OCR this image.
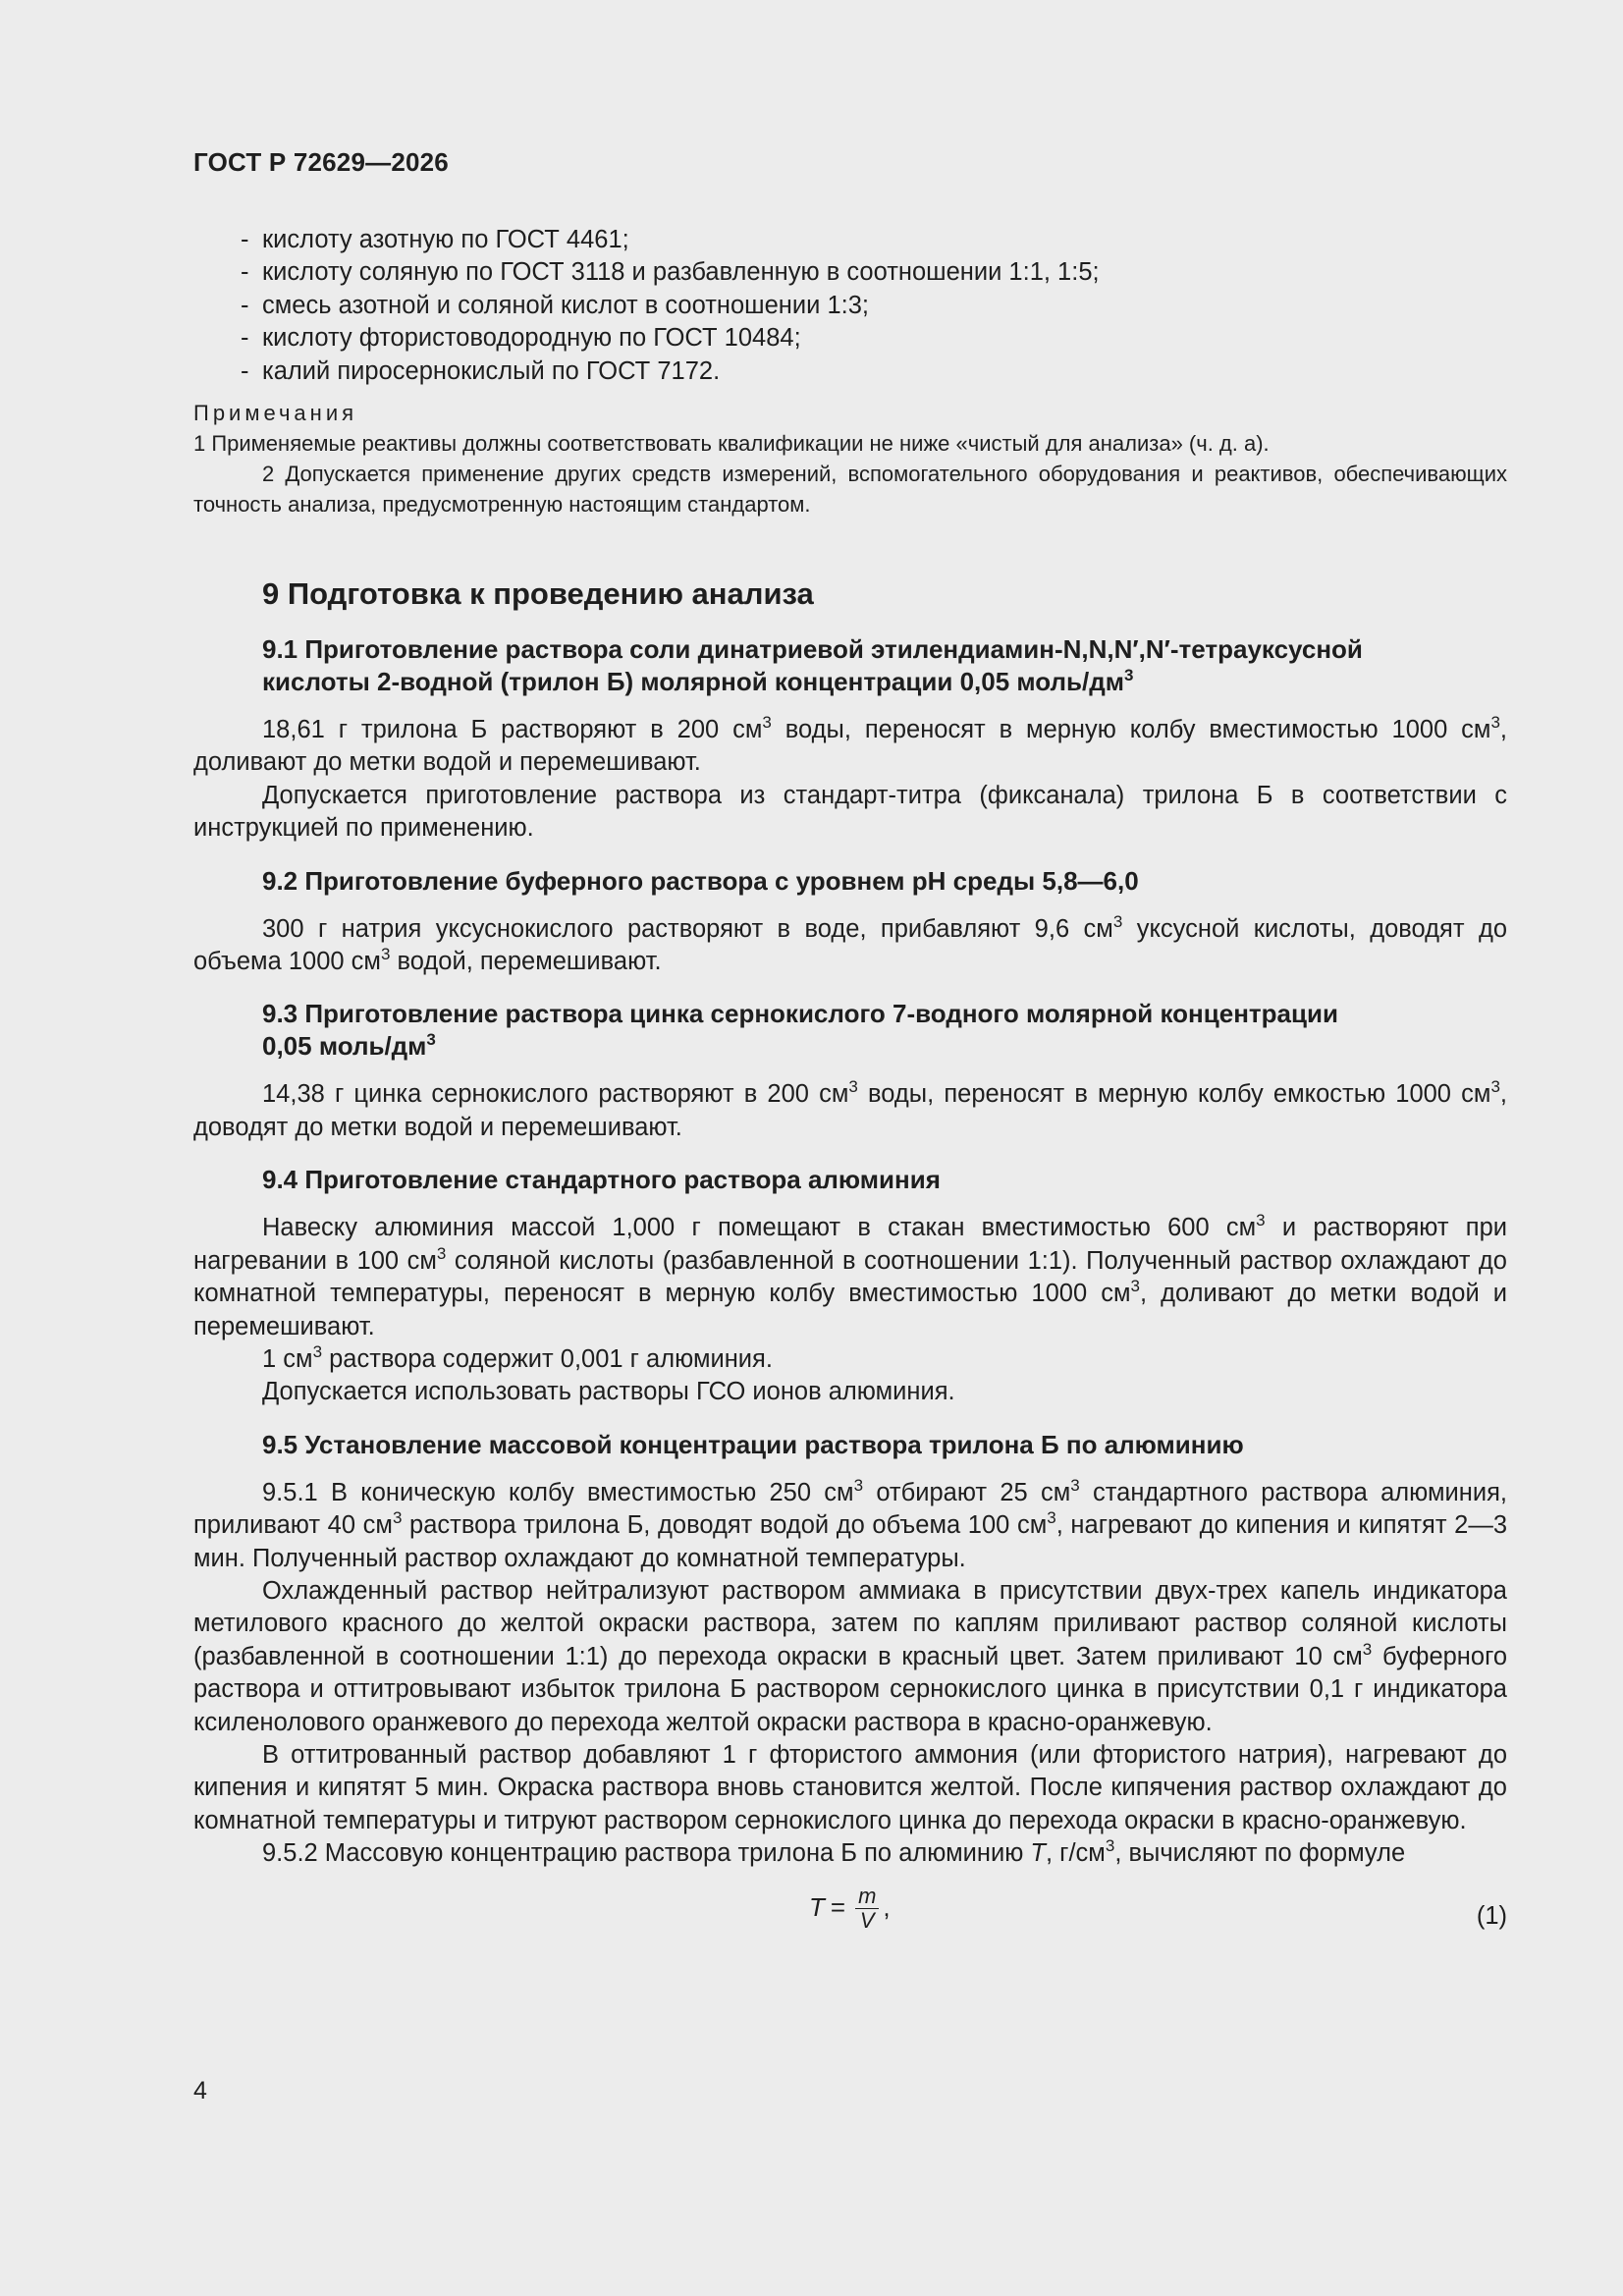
ГОСТ Р 72629—2026
- кислоту азотную по ГОСТ 4461;
- кислоту соляную по ГОСТ 3118 и разбавленную в соотношении 1:1, 1:5;
- смесь азотной и соляной кислот в соотношении 1:3;
- кислоту фтористоводородную по ГОСТ 10484;
- калий пиросернокислый по ГОСТ 7172.
Примечания

1 Применяемые реактивы должны соответствовать квалификации не ниже «чистый для анализа» (ч. д. а).

2 Допускается применение других средств измерений, вспомогательного оборудования и реактивов, обеспечивающих точность анализа, предусмотренную настоящим стандартом.

9 Подготовка к проведению анализа
9.1 Приготовление раствора соли динатриевой этилендиамин-N,N,N′,N′-тетрауксусной
кислоты 2-водной (трилон Б) молярной концентрации 0,05 моль/$дм^3$

18,61 г трилона Б растворяют в 200 $см^3$ воды, переносят в мерную колбу вместимостью 1000 $см^3$, доливают до метки водой и перемешивают.

Допускается приготовление раствора из стандарт-титра (фиксанала) трилона Б в соответствии с инструкцией по применению.

9.2 Приготовление буферного раствора с уровнем рН среды 5,8—6,0

300 г натрия уксуснокислого растворяют в воде, прибавляют 9,6 $см^3$ уксусной кислоты, доводят до объема 1000 $см^3$ водой, перемешивают.

9.3 Приготовление раствора цинка сернокислого 7-водного молярной концентрации
0,05 моль/$дм^3$

14,38 г цинка сернокислого растворяют в 200 $см^3$ воды, переносят в мерную колбу емкостью 1000 $см^3$, доводят до метки водой и перемешивают.

9.4 Приготовление стандартного раствора алюминия

Навеску алюминия массой 1,000 г помещают в стакан вместимостью 600 $см^3$ и растворяют при нагревании в 100 $см^3$ соляной кислоты (разбавленной в соотношении 1:1). Полученный раствор охлаждают до комнатной температуры, переносят в мерную колбу вместимостью 1000 $см^3$, доливают до метки водой и перемешивают.

1 $см^3$ раствора содержит 0,001 г алюминия.

Допускается использовать растворы ГСО ионов алюминия.

9.5 Установление массовой концентрации раствора трилона Б по алюминию

9.5.1 В коническую колбу вместимостью 250 $см^3$ отбирают 25 $см^3$ стандартного раствора алюминия, приливают 40 $см^3$ раствора трилона Б, доводят водой до объема 100 $см^3$, нагревают до кипения и кипятят 2—3 мин. Полученный раствор охлаждают до комнатной температуры.

Охлажденный раствор нейтрализуют раствором аммиака в присутствии двух-трех капель индикатора метилового красного до желтой окраски раствора, затем по каплям приливают раствор соляной кислоты (разбавленной в соотношении 1:1) до перехода окраски в красный цвет. Затем приливают 10 $см^3$ буферного раствора и оттитровывают избыток трилона Б раствором сернокислого цинка в присутствии 0,1 г индикатора ксиленолового оранжевого до перехода желтой окраски раствора в красно-оранжевую.

В оттитрованный раствор добавляют 1 г фтористого аммония (или фтористого натрия), нагревают до кипения и кипятят 5 мин. Окраска раствора вновь становится желтой. После кипячения раствор охлаждают до комнатной температуры и титруют раствором сернокислого цинка до перехода окраски в красно-оранжевую.

9.5.2 Массовую концентрацию раствора трилона Б по алюминию T, $г/см^3$, вычисляют по формуле

$T = \frac{m}{V}$ ,	(1)
4
